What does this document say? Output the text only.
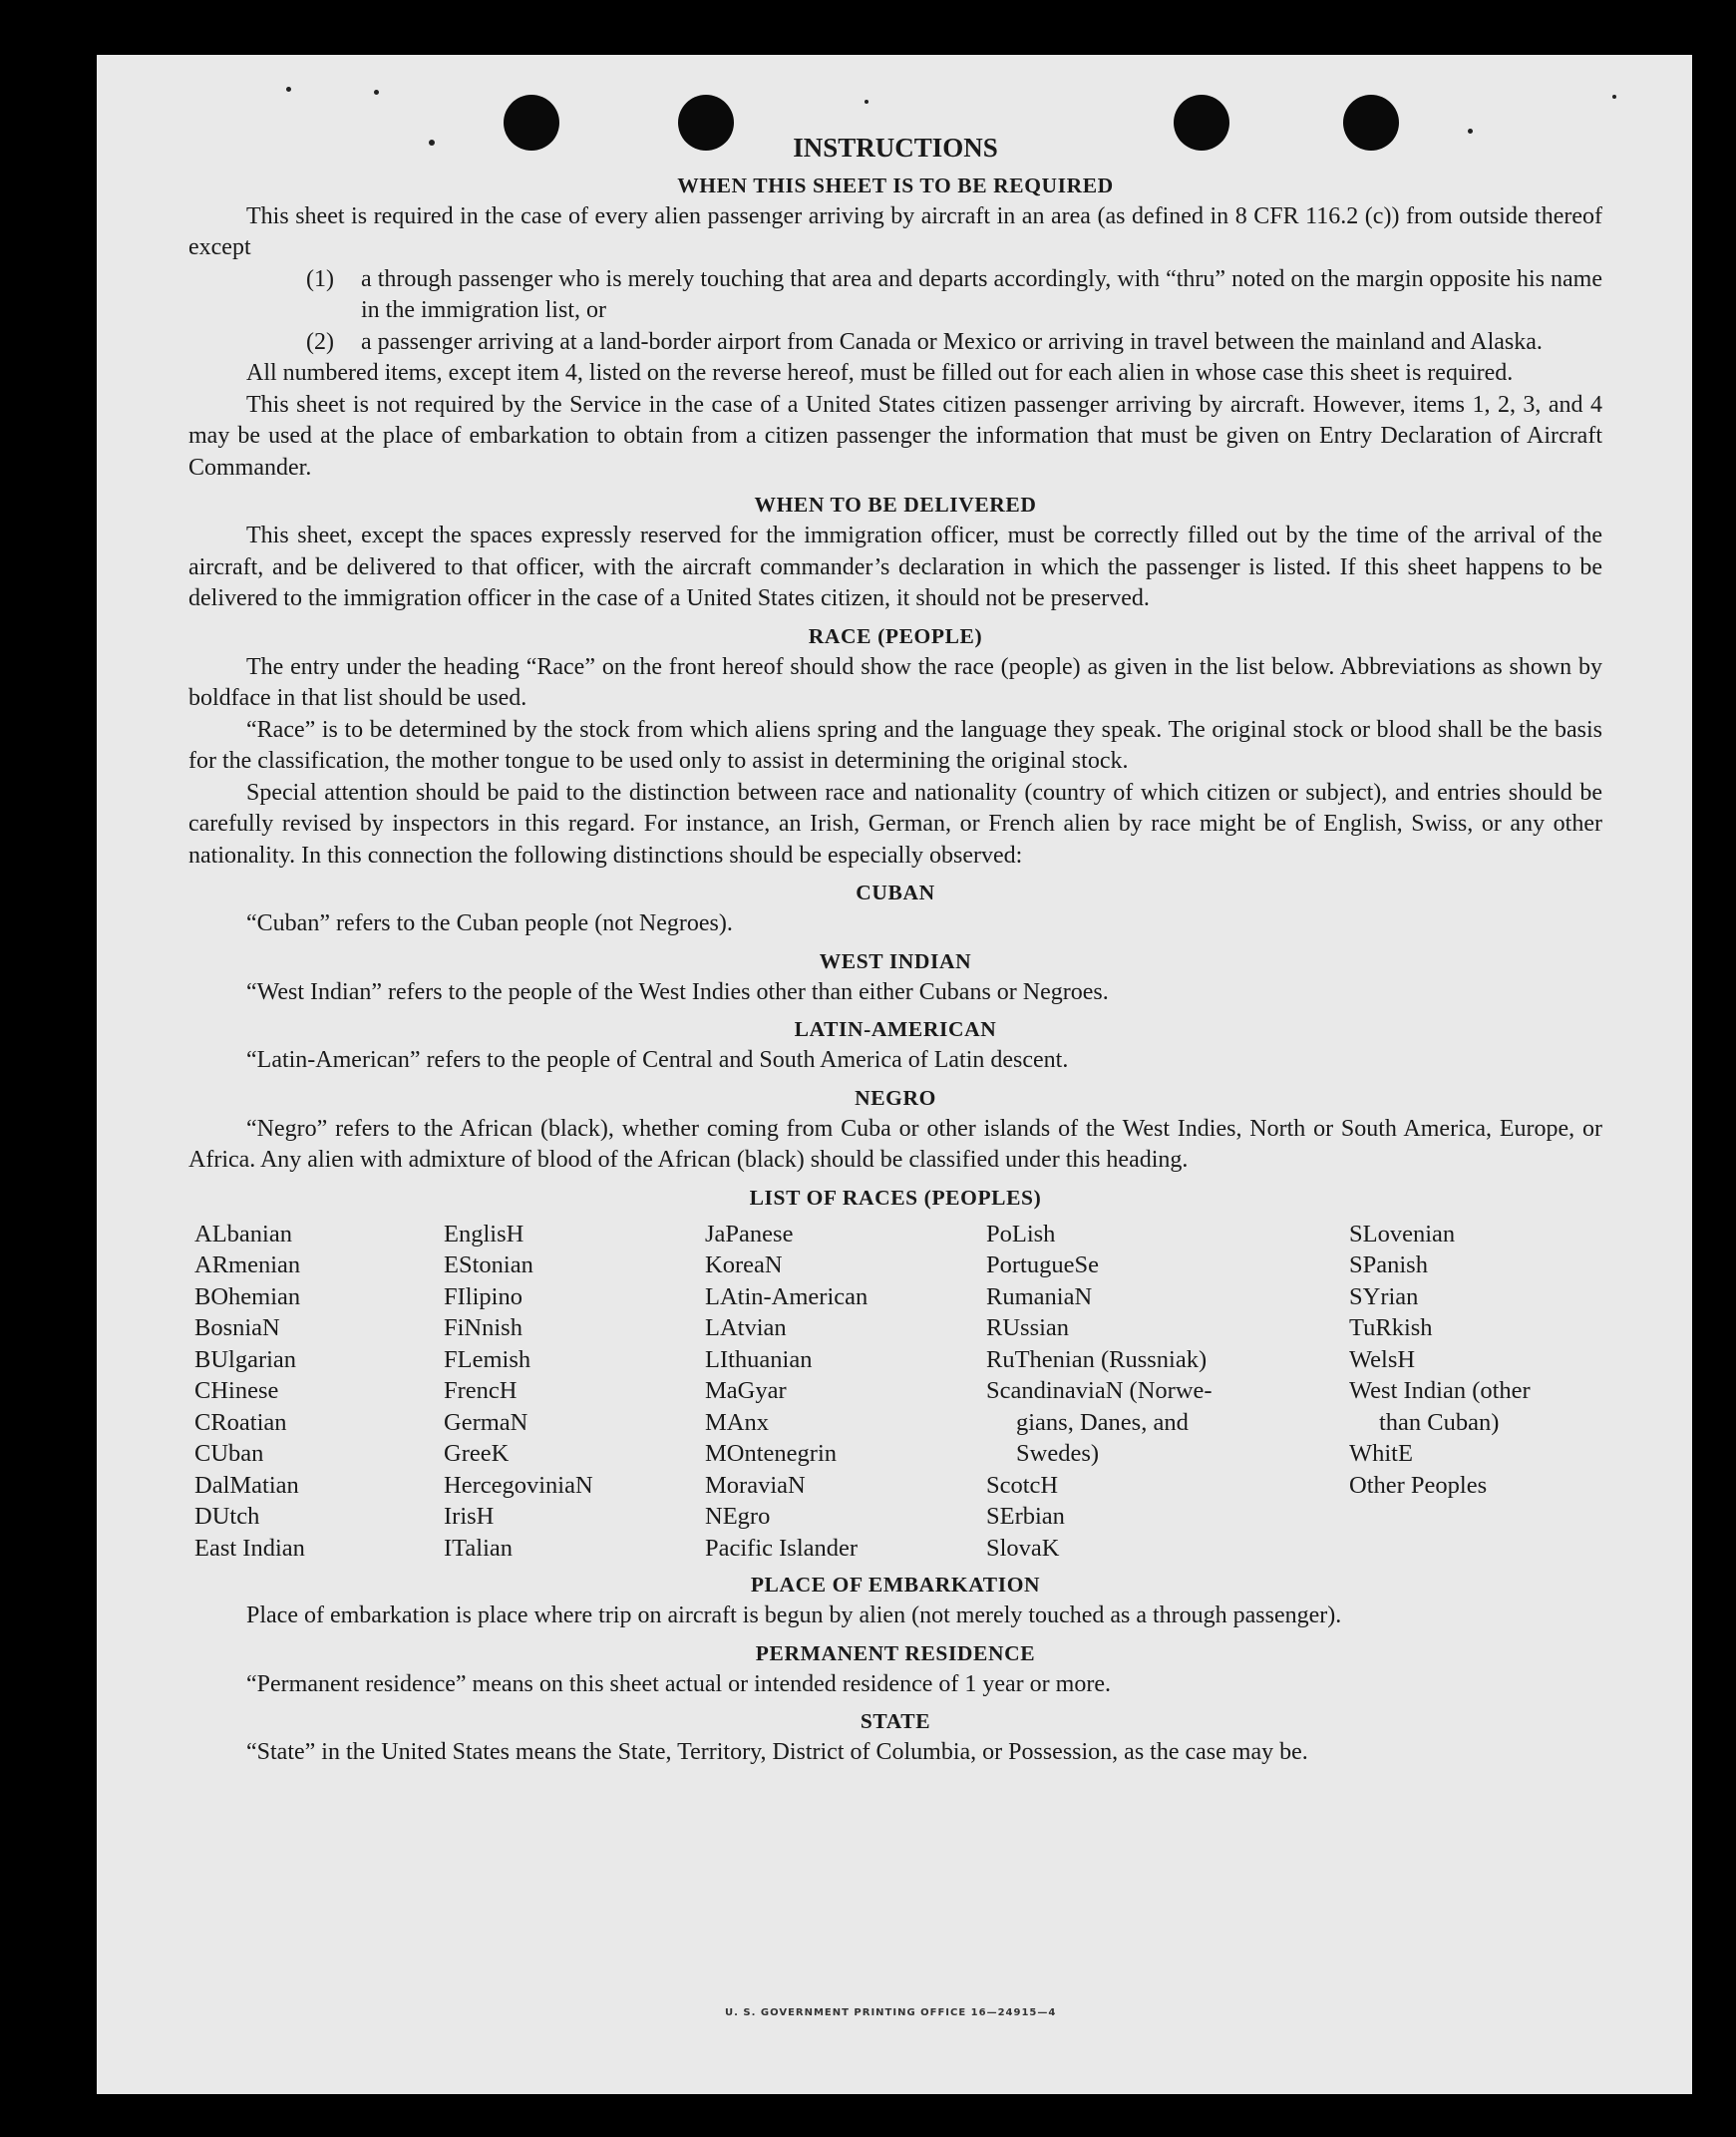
INSTRUCTIONS
WHEN THIS SHEET IS TO BE REQUIRED

This sheet is required in the case of every alien passenger arriving by aircraft in an area (as defined in 8 CFR 116.2 (c)) from outside thereof except

(1)	a through passenger who is merely touching that area and departs accordingly, with “thru” noted on the margin opposite his name in the immigration list, or
(2)	a passenger arriving at a land-border airport from Canada or Mexico or arriving in travel between the mainland and Alaska.

All numbered items, except item 4, listed on the reverse hereof, must be filled out for each alien in whose case this sheet is required.

This sheet is not required by the Service in the case of a United States citizen passenger arriving by aircraft. However, items 1, 2, 3, and 4 may be used at the place of embarkation to obtain from a citizen passenger the information that must be given on Entry Declaration of Aircraft Commander.

WHEN TO BE DELIVERED

This sheet, except the spaces expressly reserved for the immigration officer, must be correctly filled out by the time of the arrival of the aircraft, and be delivered to that officer, with the aircraft commander’s declaration in which the passenger is listed. If this sheet happens to be delivered to the immigration officer in the case of a United States citizen, it should not be preserved.

RACE (PEOPLE)

The entry under the heading “Race” on the front hereof should show the race (people) as given in the list below. Abbreviations as shown by boldface in that list should be used.

“Race” is to be determined by the stock from which aliens spring and the language they speak. The original stock or blood shall be the basis for the classification, the mother tongue to be used only to assist in determining the original stock.

Special attention should be paid to the distinction between race and nationality (country of which citizen or subject), and entries should be carefully revised by inspectors in this regard. For instance, an Irish, German, or French alien by race might be of English, Swiss, or any other nationality. In this connection the following distinctions should be especially observed:

CUBAN

“Cuban” refers to the Cuban people (not Negroes).

WEST INDIAN

“West Indian” refers to the people of the West Indies other than either Cubans or Negroes.

LATIN-AMERICAN

“Latin-American” refers to the people of Central and South America of Latin descent.

NEGRO

“Negro” refers to the African (black), whether coming from Cuba or other islands of the West Indies, North or South America, Europe, or Africa. Any alien with admixture of blood of the African (black) should be classified under this heading.

LIST OF RACES (PEOPLES)
ALbanian
ARmenian
BOhemian
BosniaN
BUlgarian
CHinese
CRoatian
CUban
DalMatian
DUtch
East Indian
EnglisH
EStonian
FIlipino
FiNnish
FLemish
FrencH
GermaN
GreeK
HercegoviniaN
IrisH
ITalian
JaPanese
KoreaN
LAtin-American
LAtvian
LIthuanian
MaGyar
MAnx
MOntenegrin
MoraviaN
NEgro
Pacific Islander
PoLish
PortugueSe
RumaniaN
RUssian
RuThenian (Russniak)
ScandinaviaN (Norwe-
gians, Danes, and
Swedes)
ScotcH
SErbian
SlovaK
SLovenian
SPanish
SYrian
TuRkish
WelsH
West Indian (other
than Cuban)
WhitE
Other Peoples
PLACE OF EMBARKATION

Place of embarkation is place where trip on aircraft is begun by alien (not merely touched as a through passenger).

PERMANENT RESIDENCE

“Permanent residence” means on this sheet actual or intended residence of 1 year or more.

STATE

“State” in the United States means the State, Territory, District of Columbia, or Possession, as the case may be.

U. S. GOVERNMENT PRINTING OFFICE 16—24915—4
